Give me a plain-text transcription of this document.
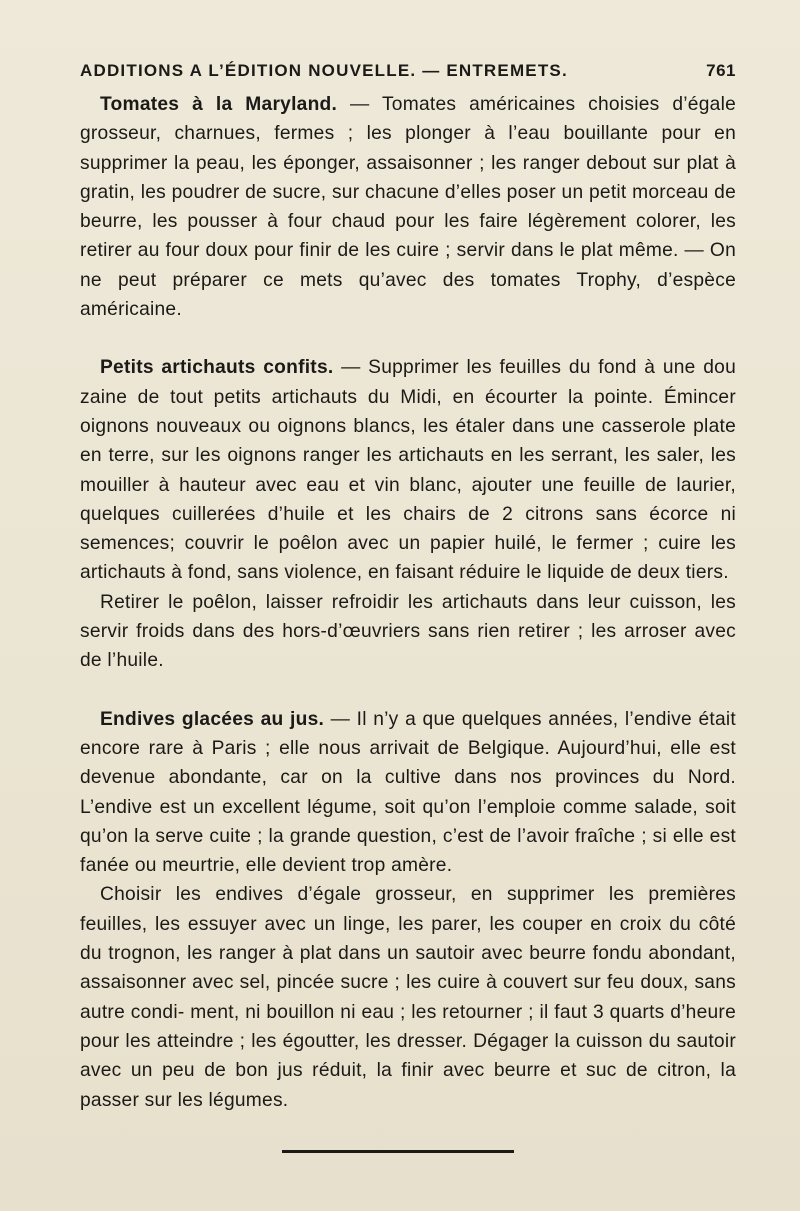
ADDITIONS A L’ÉDITION NOUVELLE. — ENTREMETS.	761

Tomates à la Maryland. — Tomates américaines choisies d’égale grosseur, charnues, fermes ; les plonger à l’eau bouillante pour en supprimer la peau, les éponger, assaisonner ; les ranger debout sur plat à gratin, les poudrer de sucre, sur chacune d’elles poser un petit morceau de beurre, les pousser à four chaud pour les faire légèrement colorer, les retirer au four doux pour finir de les cuire ; servir dans le plat même. — On ne peut préparer ce mets qu’avec des tomates Trophy, d’espèce américaine.

Petits artichauts confits. — Supprimer les feuilles du fond à une dou zaine de tout petits artichauts du Midi, en écourter la pointe. Émincer oignons nouveaux ou oignons blancs, les étaler dans une casserole plate en terre, sur les oignons ranger les artichauts en les serrant, les saler, les mouiller à hauteur avec eau et vin blanc, ajouter une feuille de laurier, quelques cuillerées d’huile et les chairs de 2 citrons sans écorce ni semences; couvrir le poêlon avec un papier huilé, le fermer ; cuire les artichauts à fond, sans violence, en faisant réduire le liquide de deux tiers.

Retirer le poêlon, laisser refroidir les artichauts dans leur cuisson, les servir froids dans des hors-d’œuvriers sans rien retirer ; les arroser avec de l’huile.

Endives glacées au jus. — Il n’y a que quelques années, l’endive était encore rare à Paris ; elle nous arrivait de Belgique. Aujourd’hui, elle est devenue abondante, car on la cultive dans nos provinces du Nord. L’endive est un excellent légume, soit qu’on l’emploie comme salade, soit qu’on la serve cuite ; la grande question, c’est de l’avoir fraîche ; si elle est fanée ou meurtrie, elle devient trop amère.

Choisir les endives d’égale grosseur, en supprimer les premières feuilles, les essuyer avec un linge, les parer, les couper en croix du côté du trognon, les ranger à plat dans un sautoir avec beurre fondu abondant, assaisonner avec sel, pincée sucre ; les cuire à couvert sur feu doux, sans autre condi- ment, ni bouillon ni eau ; les retourner ; il faut 3 quarts d’heure pour les atteindre ; les égoutter, les dresser. Dégager la cuisson du sautoir avec un peu de bon jus réduit, la finir avec beurre et suc de citron, la passer sur les légumes.
